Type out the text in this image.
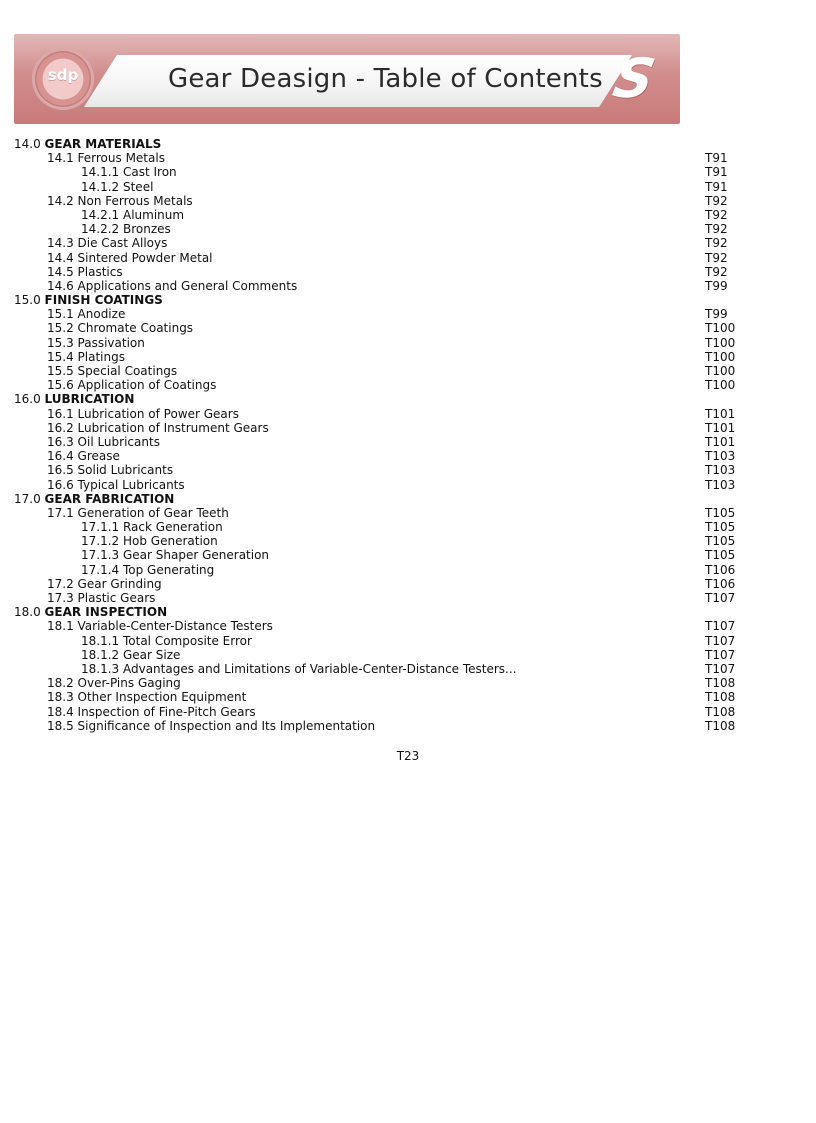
sdp	Gear Deasign - Table of Contents S
14.0 GEAR MATERIALS
14.1 Ferrous Metals	T91
14.1.1 Cast Iron	T91
14.1.2 Steel	T91
14.2 Non Ferrous Metals	T92
14.2.1 Aluminum	T92
14.2.2 Bronzes	T92
14.3 Die Cast Alloys	T92
14.4 Sintered Powder Metal	T92
14.5 Plastics	T92
14.6 Applications and General Comments	T99
15.0 FINISH COATINGS
15.1 Anodize	T99
15.2 Chromate Coatings	T100
15.3 Passivation	T100
15.4 Platings	T100
15.5 Special Coatings	T100
15.6 Application of Coatings	T100
16.0 LUBRICATION
16.1 Lubrication of Power Gears	T101
16.2 Lubrication of Instrument Gears	T101
16.3 Oil Lubricants	T101
16.4 Grease	T103
16.5 Solid Lubricants	T103
16.6 Typical Lubricants	T103
17.0 GEAR FABRICATION
17.1 Generation of Gear Teeth	T105
17.1.1 Rack Generation	T105
17.1.2 Hob Generation	T105
17.1.3 Gear Shaper Generation	T105
17.1.4 Top Generating	T106
17.2 Gear Grinding	T106
17.3 Plastic Gears	T107
18.0 GEAR INSPECTION
18.1 Variable-Center-Distance Testers	T107
18.1.1 Total Composite Error	T107
18.1.2 Gear Size	T107
18.1.3 Advantages and Limitations of Variable-Center-Distance Testers...	T107
18.2 Over-Pins Gaging	T108
18.3 Other Inspection Equipment	T108
18.4 Inspection of Fine-Pitch Gears	T108
18.5 Significance of Inspection and Its Implementation	T108
T23
